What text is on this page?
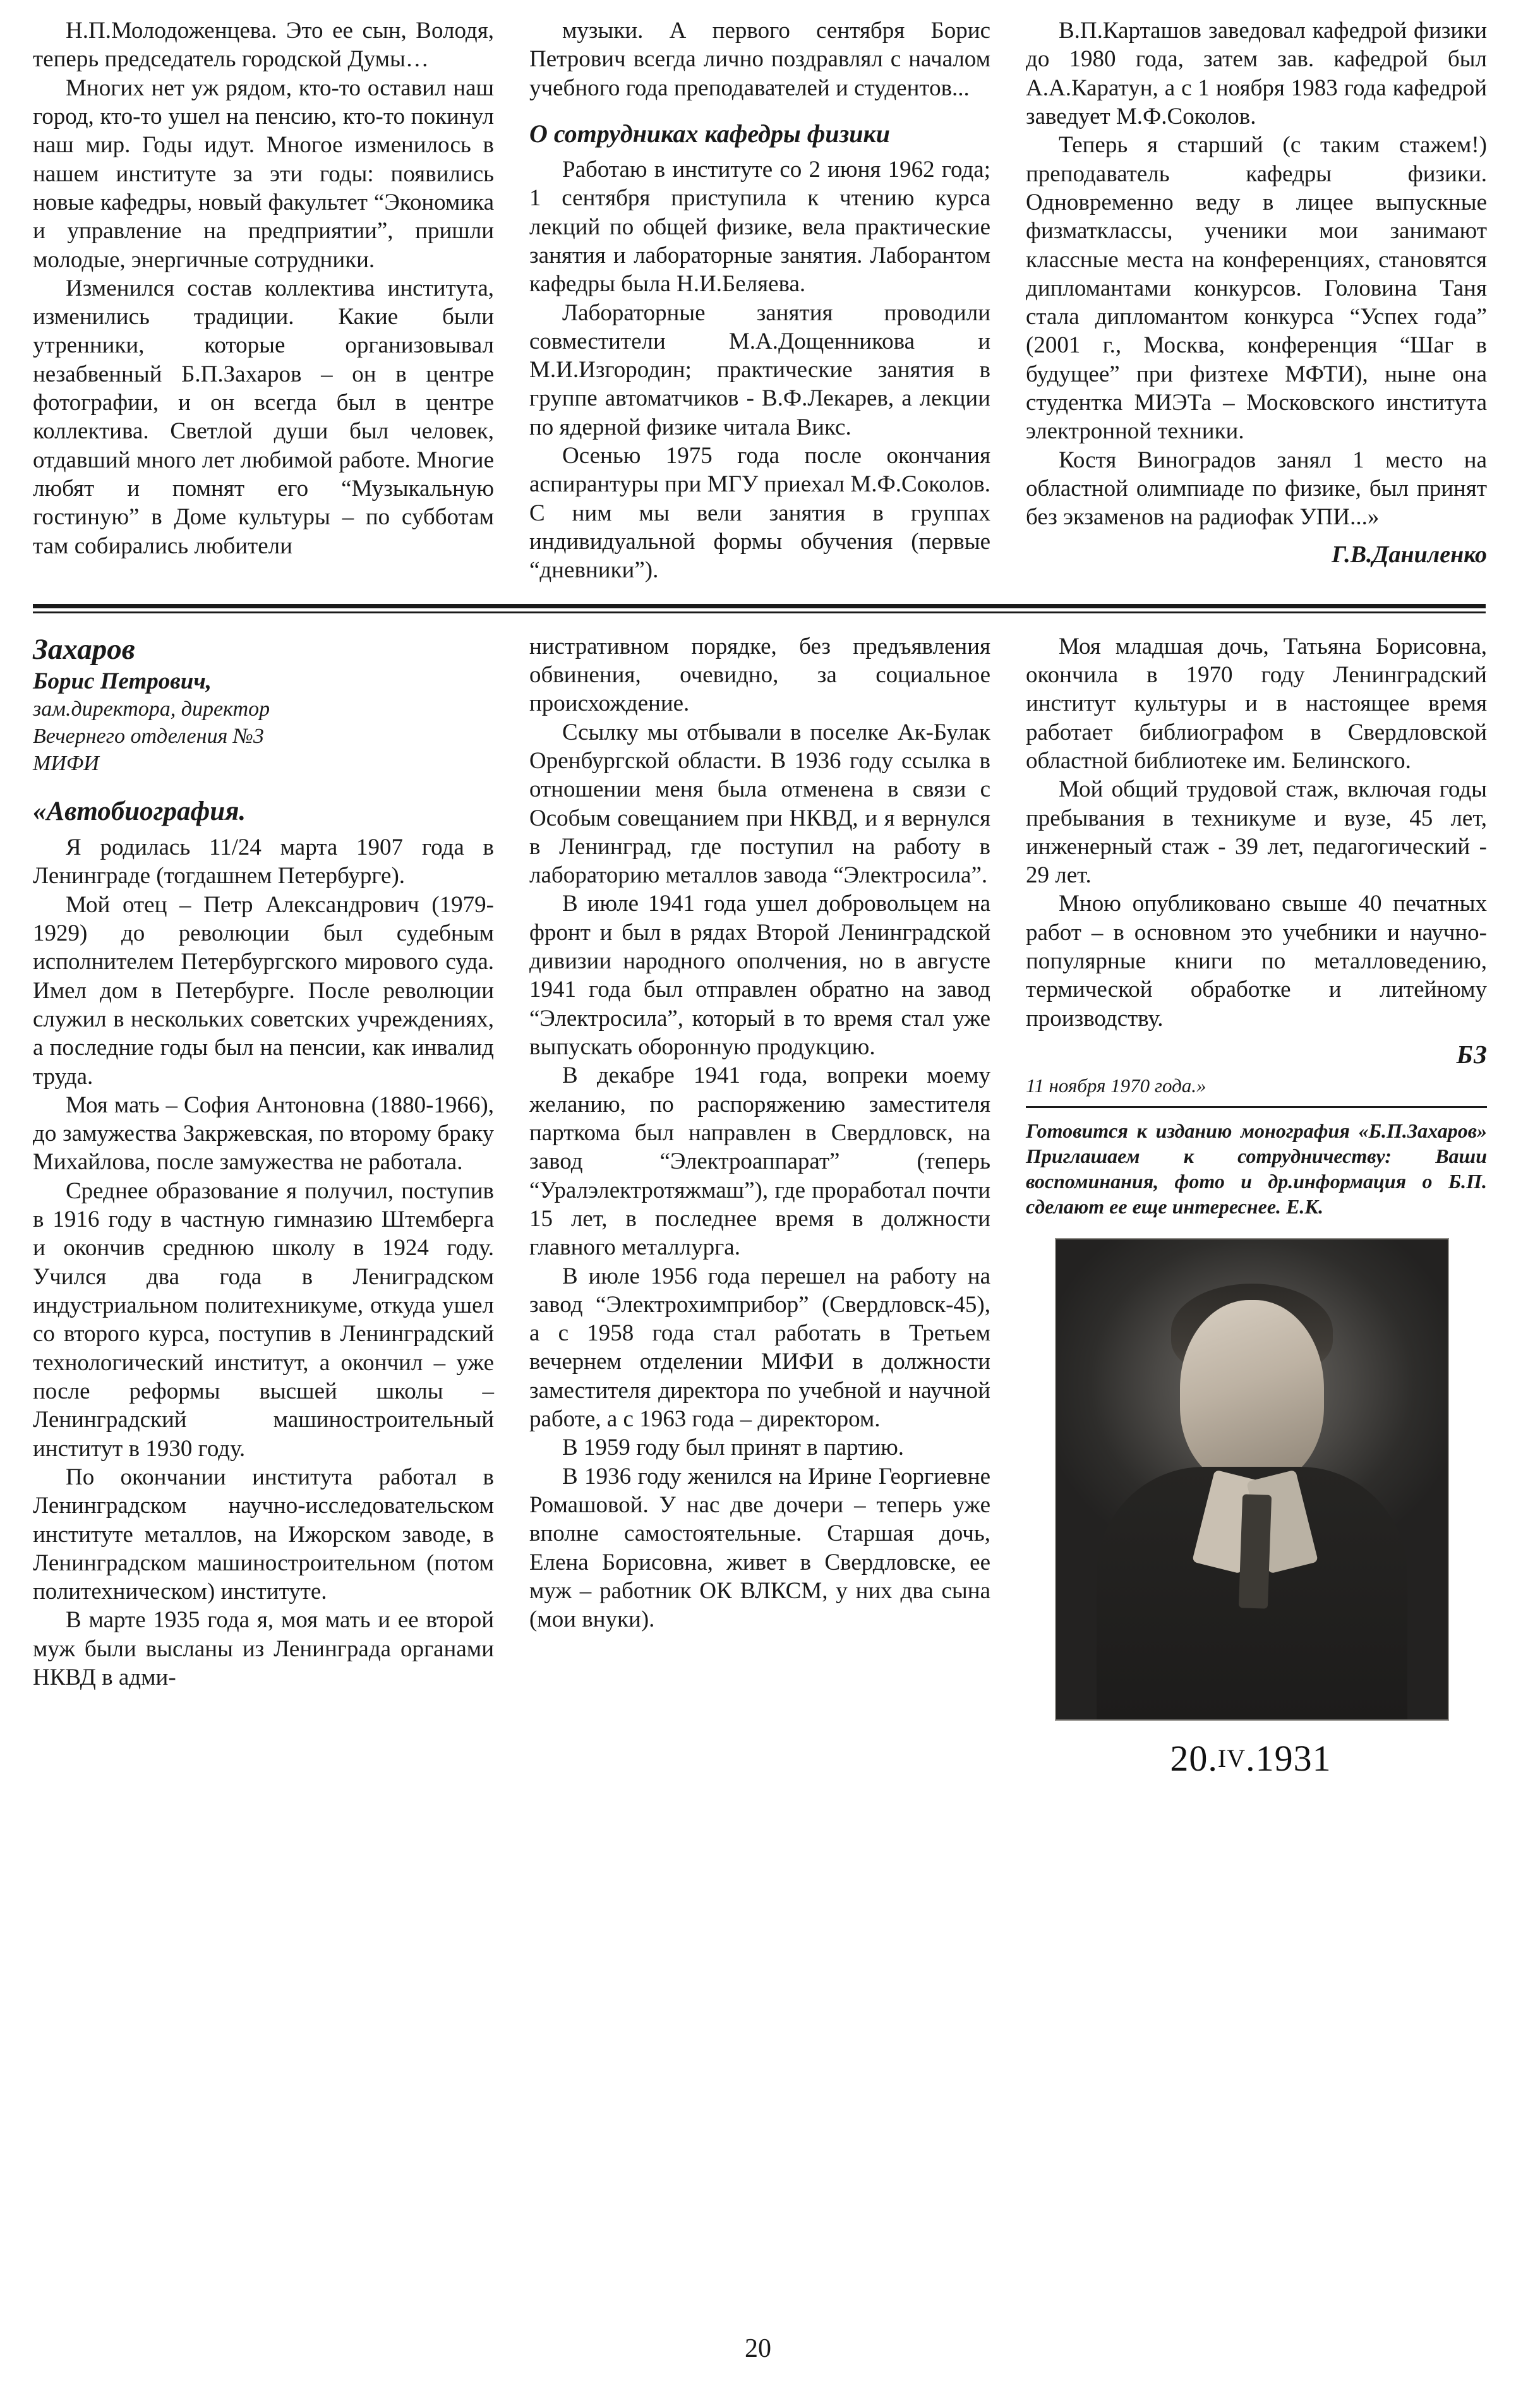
Н.П.Молодоженцева. Это ее сын, Володя, теперь председатель городской Думы…

Многих нет уж рядом, кто-то оставил наш город, кто-то ушел на пенсию, кто-то покинул наш мир. Годы идут. Многое изменилось в нашем институте за эти годы: появились новые кафедры, новый факультет “Экономика и управление на предприятии”, пришли молодые, энергичные сотрудники.

Изменился состав коллектива института, изменились традиции. Какие были утренники, которые организовывал незабвенный Б.П.Захаров – он в центре фотографии, и он всегда был в центре коллектива. Светлой души был человек, отдавший много лет любимой работе. Многие любят и помнят его “Музыкальную гостиную” в Доме культуры – по субботам там собирались любители

музыки. А первого сентября Борис Петрович всегда лично поздравлял с началом учебного года преподавателей и студентов...

О сотрудниках кафедры физики

Работаю в институте со 2 июня 1962 года; 1 сентября приступила к чтению курса лекций по общей физике, вела практические занятия и лабораторные занятия. Лаборантом кафедры была Н.И.Беляева.

Лабораторные занятия проводили совместители М.А.Дощенникова и М.И.Изгородин; практические занятия в группе автоматчиков - В.Ф.Лекарев, а лекции по ядерной физике читала Викс.

Осенью 1975 года после окончания аспирантуры при МГУ приехал М.Ф.Соколов. С ним мы вели занятия в группах индивидуальной формы обучения (первые “дневники”).

В.П.Карташов заведовал кафедрой физики до 1980 года, затем зав. кафедрой был А.А.Каратун, а с 1 ноября 1983 года кафедрой заведует М.Ф.Соколов.

Теперь я старший (с таким стажем!) преподаватель кафедры физики. Одновременно веду в лицее выпускные физматклассы, ученики мои занимают классные места на конференциях, становятся дипломантами конкурсов. Головина Таня стала дипломантом конкурса “Успех года” (2001 г., Москва, конференция “Шаг в будущее” при физтехе МФТИ), ныне она студентка МИЭТа – Московского института электронной техники.

Костя Виноградов занял 1 место на областной олимпиаде по физике, был принят без экзаменов на радиофак УПИ...»

Г.В.Даниленко
Захаров
Борис Петрович,
зам.директора, директор
Вечернего отделения №3
МИФИ
«Автобиография.

Я родилась 11/24 марта 1907 года в Ленинграде (тогдашнем Петербурге).

Мой отец – Петр Александрович (1979-1929) до революции был судебным исполнителем Петербургского мирового суда. Имел дом в Петербурге. После революции служил в нескольких советских учреждениях, а последние годы был на пенсии, как инвалид труда.

Моя мать – София Антоновна (1880-1966), до замужества Закржевская, по второму браку Михайлова, после замужества не работала.

Среднее образование я получил, поступив в 1916 году в частную гимназию Штемберга и окончив среднюю школу в 1924 году. Учился два года в Лениградском индустриальном политехникуме, откуда ушел со второго курса, поступив в Ленинградский технологический институт, а окончил – уже после реформы высшей школы – Ленинградский машиностроительный институт в 1930 году.

По окончании института работал в Ленинградском научно-исследовательском институте металлов, на Ижорском заводе, в Ленинградском машиностроительном (потом политехническом) институте.

В марте 1935 года я, моя мать и ее второй муж были высланы из Ленинграда органами НКВД в адми-

нистративном порядке, без предъявления обвинения, очевидно, за социальное происхождение.

Ссылку мы отбывали в поселке Ак-Булак Оренбургской области. В 1936 году ссылка в отношении меня была отменена в связи с Особым совещанием при НКВД, и я вернулся в Ленинград, где поступил на работу в лабораторию металлов завода “Электросила”.

В июле 1941 года ушел добровольцем на фронт и был в рядах Второй Ленинградской дивизии народного ополчения, но в августе 1941 года был отправлен обратно на завод “Электросила”, который в то время стал уже выпускать оборонную продукцию.

В декабре 1941 года, вопреки моему желанию, по распоряжению заместителя парткома был направлен в Свердловск, на завод “Электроаппарат” (теперь “Уралэлектротяжмаш”), где проработал почти 15 лет, в последнее время в должности главного металлурга.

В июле 1956 года перешел на работу на завод “Электрохимприбор” (Свердловск-45), а с 1958 года стал работать в Третьем вечернем отделении МИФИ в должности заместителя директора по учебной и научной работе, а с 1963 года – директором.

В 1959 году был принят в партию.

В 1936 году женился на Ирине Георгиевне Ромашовой. У нас две дочери – теперь уже вполне самостоятельные. Старшая дочь, Елена Борисовна, живет в Свердловске, ее муж – работник ОК ВЛКСМ, у них два сына (мои внуки).

Моя младшая дочь, Татьяна Борисовна, окончила в 1970 году Ленинградский институт культуры и в настоящее время работает библиографом в Свердловской областной библиотеке им. Белинского.

Мой общий трудовой стаж, включая годы пребывания в техникуме и вузе, 45 лет, инженерный стаж - 39 лет, педагогический - 29 лет.

Мною опубликовано свыше 40 печатных работ – в основном это учебники и научно-популярные книги по металловедению, термической обработке и литейному производству.

БЗ
11 ноября 1970 года.»
Готовится к изданию монография «Б.П.Захаров» Приглашаем к сотрудничеству: Ваши воспоминания, фото и др.информация о Б.П. сделают ее еще интереснее. Е.К.
20.IV.1931
20
